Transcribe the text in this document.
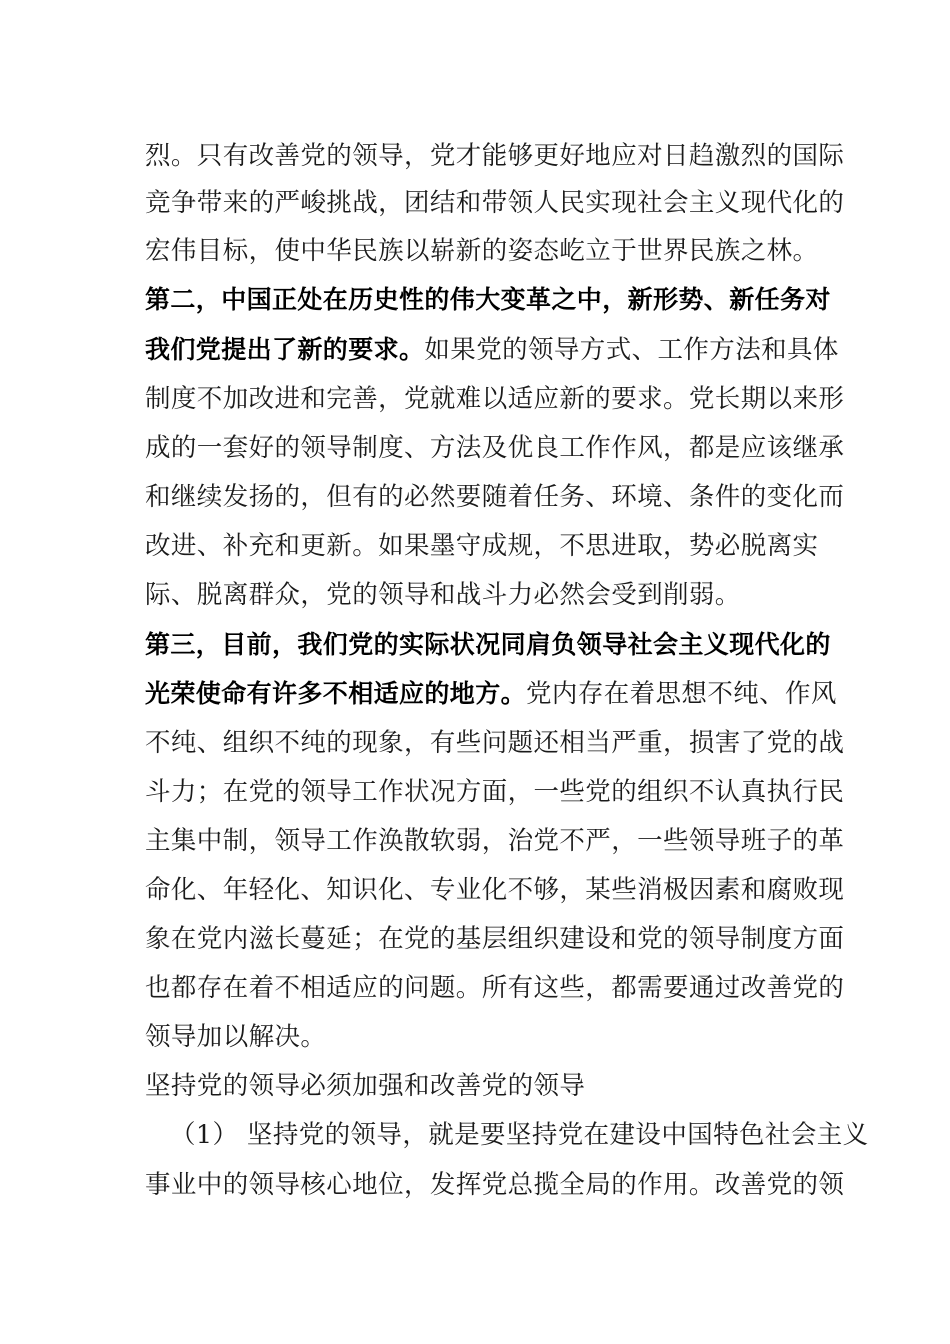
烈。只有改善党的领导，党才能够更好地应对日趋激烈的国际
竞争带来的严峻挑战，团结和带领人民实现社会主义现代化的
宏伟目标，使中华民族以崭新的姿态屹立于世界民族之林。
第二，中国正处在历史性的伟大变革之中，新形势、新任务对
我们党提出了新的要求。如果党的领导方式、工作方法和具体
制度不加改进和完善，党就难以适应新的要求。党长期以来形
成的一套好的领导制度、方法及优良工作作风，都是应该继承
和继续发扬的，但有的必然要随着任务、环境、条件的变化而
改进、补充和更新。如果墨守成规，不思进取，势必脱离实
际、脱离群众，党的领导和战斗力必然会受到削弱。
第三，目前，我们党的实际状况同肩负领导社会主义现代化的
光荣使命有许多不相适应的地方。党内存在着思想不纯、作风
不纯、组织不纯的现象，有些问题还相当严重，损害了党的战
斗力；在党的领导工作状况方面，一些党的组织不认真执行民
主集中制，领导工作涣散软弱，治党不严，一些领导班子的革
命化、年轻化、知识化、专业化不够，某些消极因素和腐败现
象在党内滋长蔓延；在党的基层组织建设和党的领导制度方面
也都存在着不相适应的问题。所有这些，都需要通过改善党的
领导加以解决。
坚持党的领导必须加强和改善党的领导
（1） 坚持党的领导，就是要坚持党在建设中国特色社会主义
事业中的领导核心地位，发挥党总揽全局的作用。改善党的领
